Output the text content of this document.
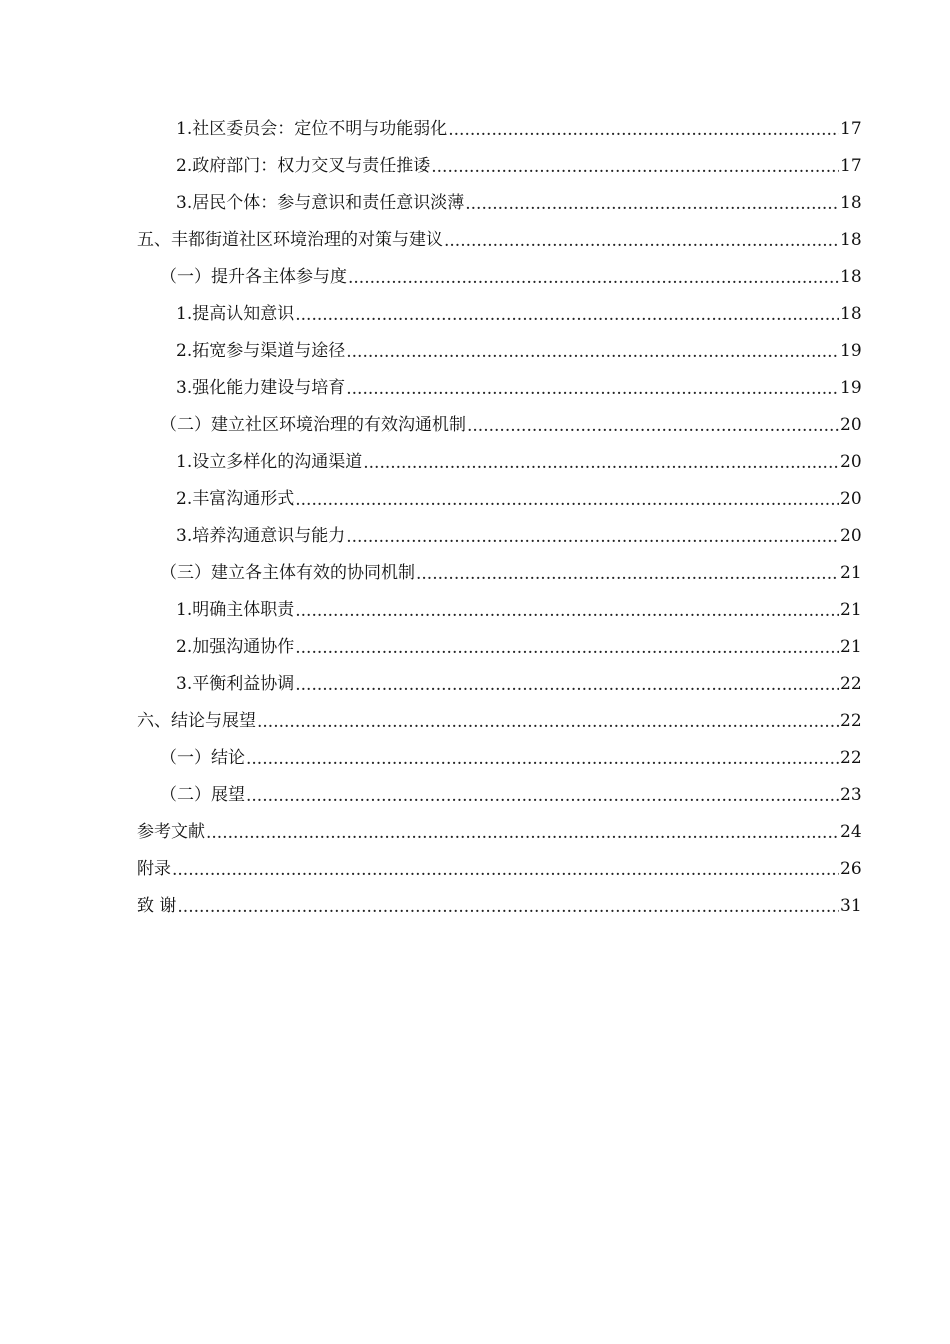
1.社区委员会：定位不明与功能弱化 .....	17
2.政府部门：权力交叉与责任推诿 .....	17
3.居民个体：参与意识和责任意识淡薄 .....	18
五、丰都街道社区环境治理的对策与建议 .....	18
（一）提升各主体参与度 .....	18
1.提高认知意识 .....	18
2.拓宽参与渠道与途径 .....	19
3.强化能力建设与培育 .....	19
（二）建立社区环境治理的有效沟通机制 .....	20
1.设立多样化的沟通渠道 .....	20
2.丰富沟通形式 .....	20
3.培养沟通意识与能力 .....	20
（三）建立各主体有效的协同机制 .....	21
1.明确主体职责 .....	21
2.加强沟通协作 .....	21
3.平衡利益协调 .....	22
六、结论与展望 .....	22
（一）结论 .....	22
（二）展望 .....	23
参考文献 .....	24
附录 .....	26
致 谢 .....	31
